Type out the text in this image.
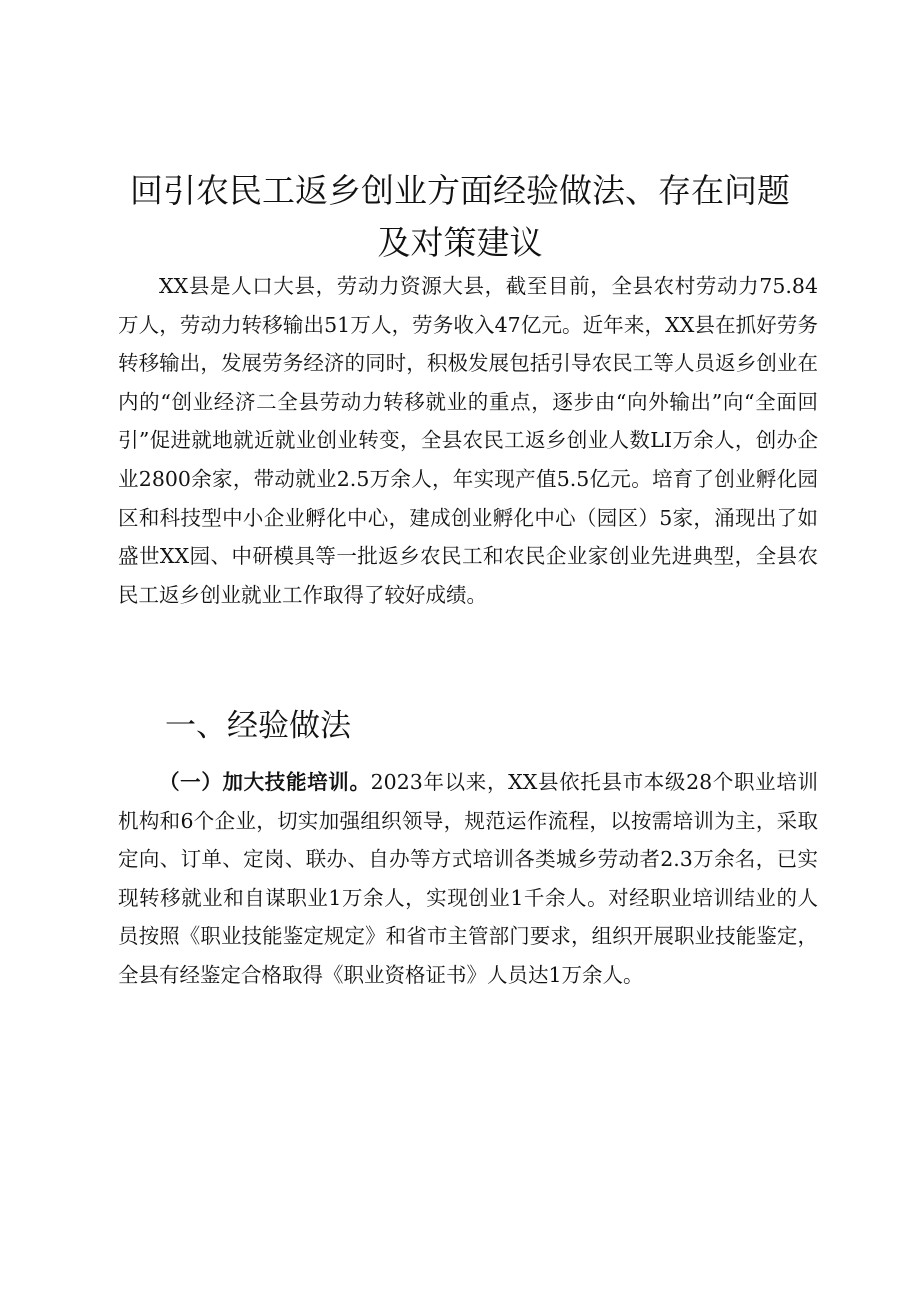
回引农民工返乡创业方面经验做法、存在问题
及对策建议

XX县是人口大县，劳动力资源大县，截至目前，全县农村劳动力75.84万人，劳动力转移输出51万人，劳务收入47亿元。近年来，XX县在抓好劳务转移输出，发展劳务经济的同时，积极发展包括引导农民工等人员返乡创业在内的“创业经济二全县劳动力转移就业的重点，逐步由“向外输出”向“全面回引”促进就地就近就业创业转变，全县农民工返乡创业人数LI万余人，创办企业2800余家，带动就业2.5万余人，年实现产值5.5亿元。培育了创业孵化园区和科技型中小企业孵化中心，建成创业孵化中心（园区）5家，涌现出了如盛世XX园、中研模具等一批返乡农民工和农民企业家创业先进典型，全县农民工返乡创业就业工作取得了较好成绩。

一、经验做法

（一）加大技能培训。2023年以来，XX县依托县市本级28个职业培训机构和6个企业，切实加强组织领导，规范运作流程，以按需培训为主，采取定向、订单、定岗、联办、自办等方式培训各类城乡劳动者2.3万余名，已实现转移就业和自谋职业1万余人，实现创业1千余人。对经职业培训结业的人员按照《职业技能鉴定规定》和省市主管部门要求，组织开展职业技能鉴定，全县有经鉴定合格取得《职业资格证书》人员达1万余人。
